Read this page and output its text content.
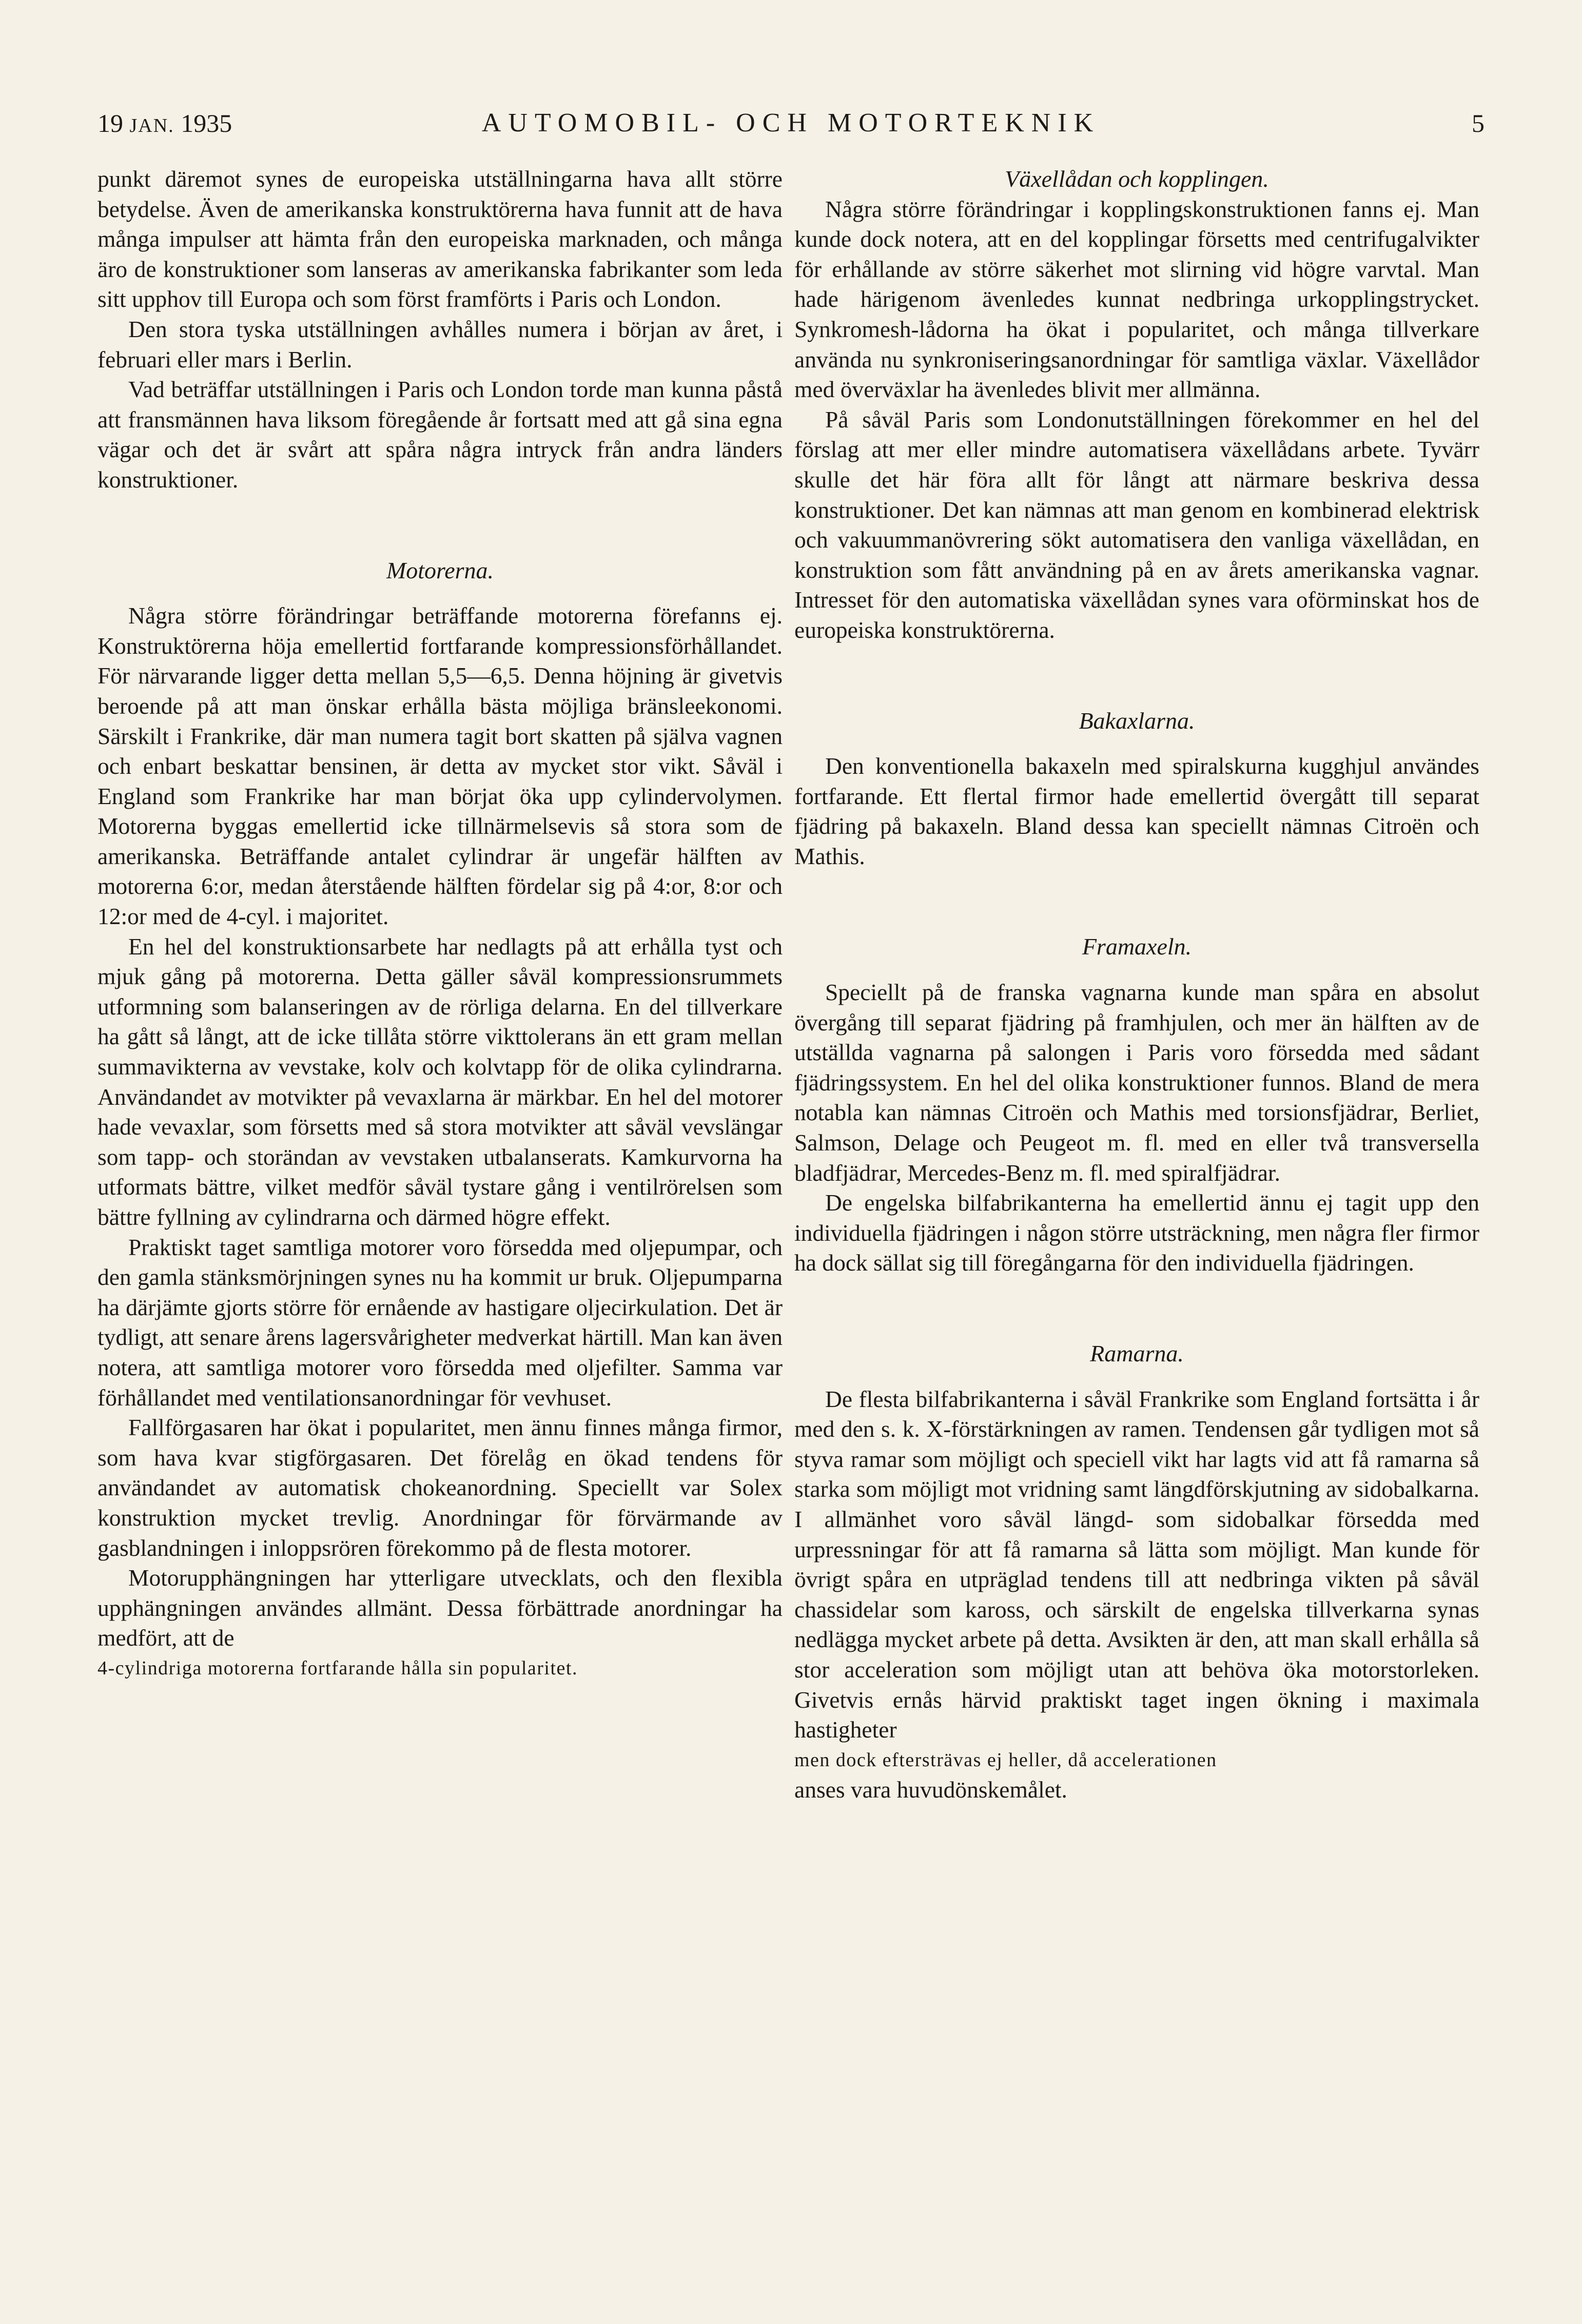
19 JAN. 1935	AUTOMOBIL- OCH MOTORTEKNIK	5

punkt däremot synes de europeiska utställningarna hava allt större betydelse. Även de amerikanska konstruktörerna hava funnit att de hava många impulser att hämta från den europeiska marknaden, och många äro de konstruktioner som lanseras av amerikanska fabrikanter som leda sitt upphov till Europa och som först framförts i Paris och London.

Den stora tyska utställningen avhålles numera i början av året, i februari eller mars i Berlin.

Vad beträffar utställningen i Paris och London torde man kunna påstå att fransmännen hava liksom föregående år fortsatt med att gå sina egna vägar och det är svårt att spåra några intryck från andra länders konstruktioner.

Motorerna.

Några större förändringar beträffande motorerna förefanns ej. Konstruktörerna höja emellertid fortfarande kompressionsförhållandet. För närvarande ligger detta mellan 5,5—6,5. Denna höjning är givetvis beroende på att man önskar erhålla bästa möjliga bränsleekonomi. Särskilt i Frankrike, där man numera tagit bort skatten på själva vagnen och enbart beskattar bensinen, är detta av mycket stor vikt. Såväl i England som Frankrike har man börjat öka upp cylindervolymen. Motorerna byggas emellertid icke tillnärmelsevis så stora som de amerikanska. Beträffande antalet cylindrar är ungefär hälften av motorerna 6:or, medan återstående hälften fördelar sig på 4:or, 8:or och 12:or med de 4-cyl. i majoritet.

En hel del konstruktionsarbete har nedlagts på att erhålla tyst och mjuk gång på motorerna. Detta gäller såväl kompressionsrummets utformning som balanseringen av de rörliga delarna. En del tillverkare ha gått så långt, att de icke tillåta större vikttolerans än ett gram mellan summavikterna av vevstake, kolv och kolvtapp för de olika cylindrarna. Användandet av motvikter på vevaxlarna är märkbar. En hel del motorer hade vevaxlar, som försetts med så stora motvikter att såväl vevslängar som tapp- och storändan av vevstaken utbalanserats. Kamkurvorna ha utformats bättre, vilket medför såväl tystare gång i ventilrörelsen som bättre fyllning av cylindrarna och därmed högre effekt.

Praktiskt taget samtliga motorer voro försedda med oljepumpar, och den gamla stänksmörjningen synes nu ha kommit ur bruk. Oljepumparna ha därjämte gjorts större för ernående av hastigare oljecirkulation. Det är tydligt, att senare årens lagersvårigheter medverkat härtill. Man kan även notera, att samtliga motorer voro försedda med oljefilter. Samma var förhållandet med ventilationsanordningar för vevhuset.

Fallförgasaren har ökat i popularitet, men ännu finnes många firmor, som hava kvar stigförgasaren. Det förelåg en ökad tendens för användandet av automatisk chokeanordning. Speciellt var Solex konstruktion mycket trevlig. Anordningar för förvärmande av gasblandningen i inloppsrören förekommo på de flesta motorer.

Motorupphängningen har ytterligare utvecklats, och den flexibla upphängningen användes allmänt. Dessa förbättrade anordningar ha medfört, att de

4-cylindriga motorerna fortfarande hålla sin popularitet.

Växellådan och kopplingen.

Några större förändringar i kopplingskonstruktionen fanns ej. Man kunde dock notera, att en del kopplingar försetts med centrifugalvikter för erhållande av större säkerhet mot slirning vid högre varvtal. Man hade härigenom ävenledes kunnat nedbringa urkopplingstrycket. Synkromesh-lådorna ha ökat i popularitet, och många tillverkare använda nu synkroniseringsanordningar för samtliga växlar. Växellådor med överväxlar ha ävenledes blivit mer allmänna.

På såväl Paris som Londonutställningen förekommer en hel del förslag att mer eller mindre automatisera växellådans arbete. Tyvärr skulle det här föra allt för långt att närmare beskriva dessa konstruktioner. Det kan nämnas att man genom en kombinerad elektrisk och vakuummanövrering sökt automatisera den vanliga växellådan, en konstruktion som fått användning på en av årets amerikanska vagnar. Intresset för den automatiska växellådan synes vara oförminskat hos de europeiska konstruktörerna.

Bakaxlarna.

Den konventionella bakaxeln med spiralskurna kugghjul användes fortfarande. Ett flertal firmor hade emellertid övergått till separat fjädring på bakaxeln. Bland dessa kan speciellt nämnas Citroën och Mathis.

Framaxeln.

Speciellt på de franska vagnarna kunde man spåra en absolut övergång till separat fjädring på framhjulen, och mer än hälften av de utställda vagnarna på salongen i Paris voro försedda med sådant fjädringssystem. En hel del olika konstruktioner funnos. Bland de mera notabla kan nämnas Citroën och Mathis med torsionsfjädrar, Berliet, Salmson, Delage och Peugeot m. fl. med en eller två transversella bladfjädrar, Mercedes-Benz m. fl. med spiralfjädrar.

De engelska bilfabrikanterna ha emellertid ännu ej tagit upp den individuella fjädringen i någon större utsträckning, men några fler firmor ha dock sällat sig till föregångarna för den individuella fjädringen.

Ramarna.

De flesta bilfabrikanterna i såväl Frankrike som England fortsätta i år med den s. k. X-förstärkningen av ramen. Tendensen går tydligen mot så styva ramar som möjligt och speciell vikt har lagts vid att få ramarna så starka som möjligt mot vridning samt längdförskjutning av sidobalkarna. I allmänhet voro såväl längd- som sidobalkar försedda med urpressningar för att få ramarna så lätta som möjligt. Man kunde för övrigt spåra en utpräglad tendens till att nedbringa vikten på såväl chassidelar som kaross, och särskilt de engelska tillverkarna synas nedlägga mycket arbete på detta. Avsikten är den, att man skall erhålla så stor acceleration som möjligt utan att behöva öka motorstorleken. Givetvis ernås härvid praktiskt taget ingen ökning i maximala hastigheter

men dock eftersträvas ej heller, då accelerationen

anses vara huvudönskemålet.
